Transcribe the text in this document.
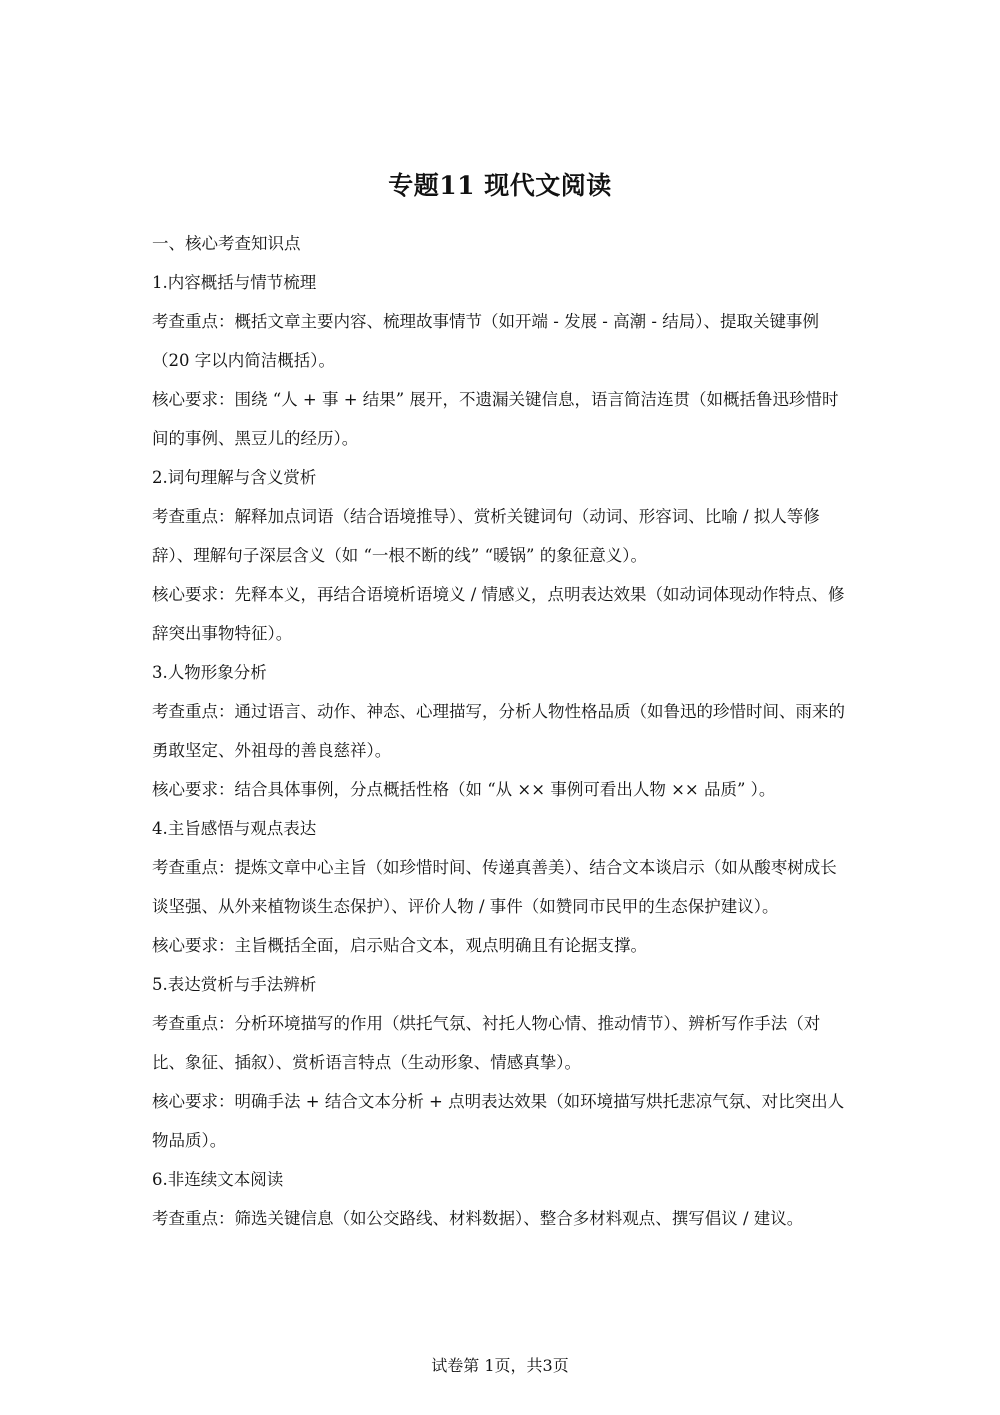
专题11 现代文阅读

一、核心考查知识点

1.内容概括与情节梳理

考查重点：概括文章主要内容、梳理故事情节（如开端 - 发展 - 高潮 - 结局）、提取关键事例（20 字以内简洁概括）。

核心要求：围绕 “人 + 事 + 结果” 展开，不遗漏关键信息，语言简洁连贯（如概括鲁迅珍惜时间的事例、黑豆儿的经历）。

2.词句理解与含义赏析

考查重点：解释加点词语（结合语境推导）、赏析关键词句（动词、形容词、比喻 / 拟人等修辞）、理解句子深层含义（如 “一根不断的线” “暖锅” 的象征意义）。

核心要求：先释本义，再结合语境析语境义 / 情感义，点明表达效果（如动词体现动作特点、修辞突出事物特征）。

3.人物形象分析

考查重点：通过语言、动作、神态、心理描写，分析人物性格品质（如鲁迅的珍惜时间、雨来的勇敢坚定、外祖母的善良慈祥）。

核心要求：结合具体事例，分点概括性格（如 “从 ×× 事例可看出人物 ×× 品质” ）。

4.主旨感悟与观点表达

考查重点：提炼文章中心主旨（如珍惜时间、传递真善美）、结合文本谈启示（如从酸枣树成长谈坚强、从外来植物谈生态保护）、评价人物 / 事件（如赞同市民甲的生态保护建议）。

核心要求：主旨概括全面，启示贴合文本，观点明确且有论据支撑。

5.表达赏析与手法辨析

考查重点：分析环境描写的作用（烘托气氛、衬托人物心情、推动情节）、辨析写作手法（对比、象征、插叙）、赏析语言特点（生动形象、情感真挚）。

核心要求：明确手法 + 结合文本分析 + 点明表达效果（如环境描写烘托悲凉气氛、对比突出人物品质）。

6.非连续文本阅读

考查重点：筛选关键信息（如公交路线、材料数据）、整合多材料观点、撰写倡议 / 建议。

试卷第 1页，共3页
